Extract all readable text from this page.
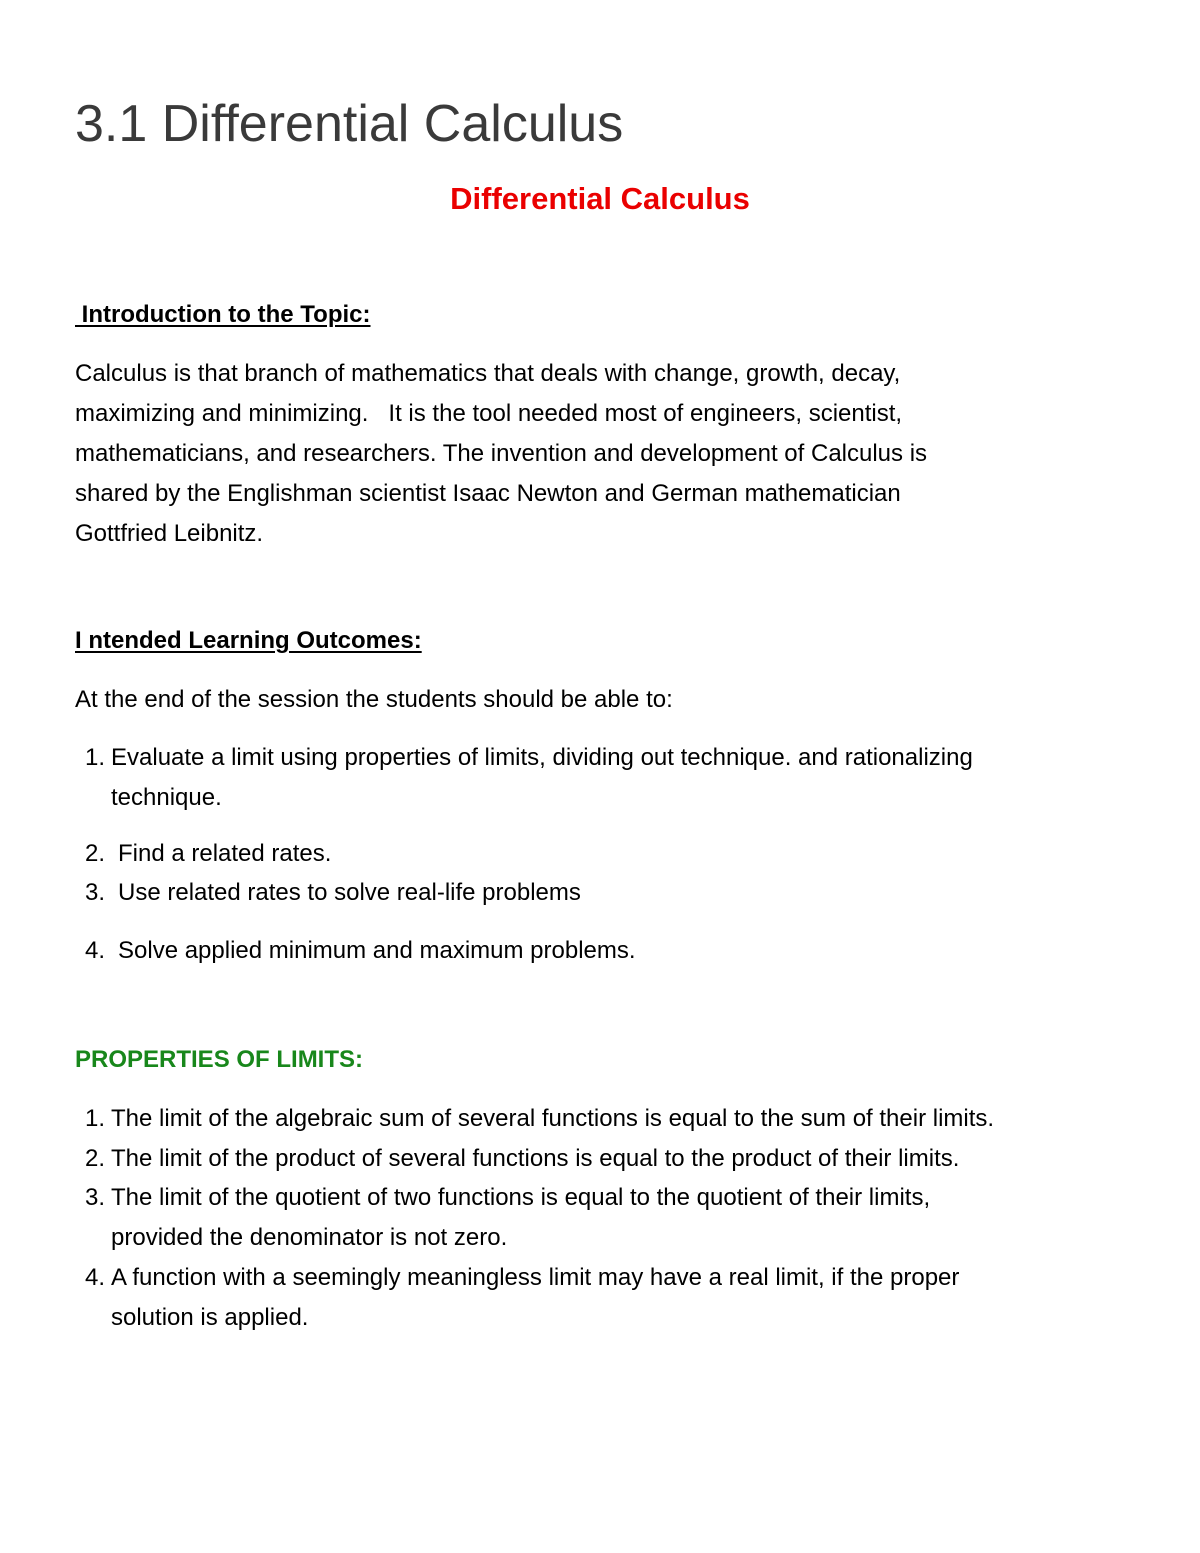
3.1 Differential Calculus
Differential Calculus
Introduction to the Topic:

Calculus is that branch of mathematics that deals with change, growth, decay,
maximizing and minimizing.   It is the tool needed most of engineers, scientist,
mathematicians, and researchers. The invention and development of Calculus is
shared by the Englishman scientist Isaac Newton and German mathematician
Gottfried Leibnitz.

I ntended Learning Outcomes:

At the end of the session the students should be able to:

1. Evaluate a limit using properties of limits, dividing out technique. and rationalizing
technique.
2. Find a related rates.
3. Use related rates to solve real-life problems
4. Solve applied minimum and maximum problems.
PROPERTIES OF LIMITS:
1. The limit of the algebraic sum of several functions is equal to the sum of their limits.
2. The limit of the product of several functions is equal to the product of their limits.
3. The limit of the quotient of two functions is equal to the quotient of their limits,
provided the denominator is not zero.
4. A function with a seemingly meaningless limit may have a real limit, if the proper
solution is applied.
